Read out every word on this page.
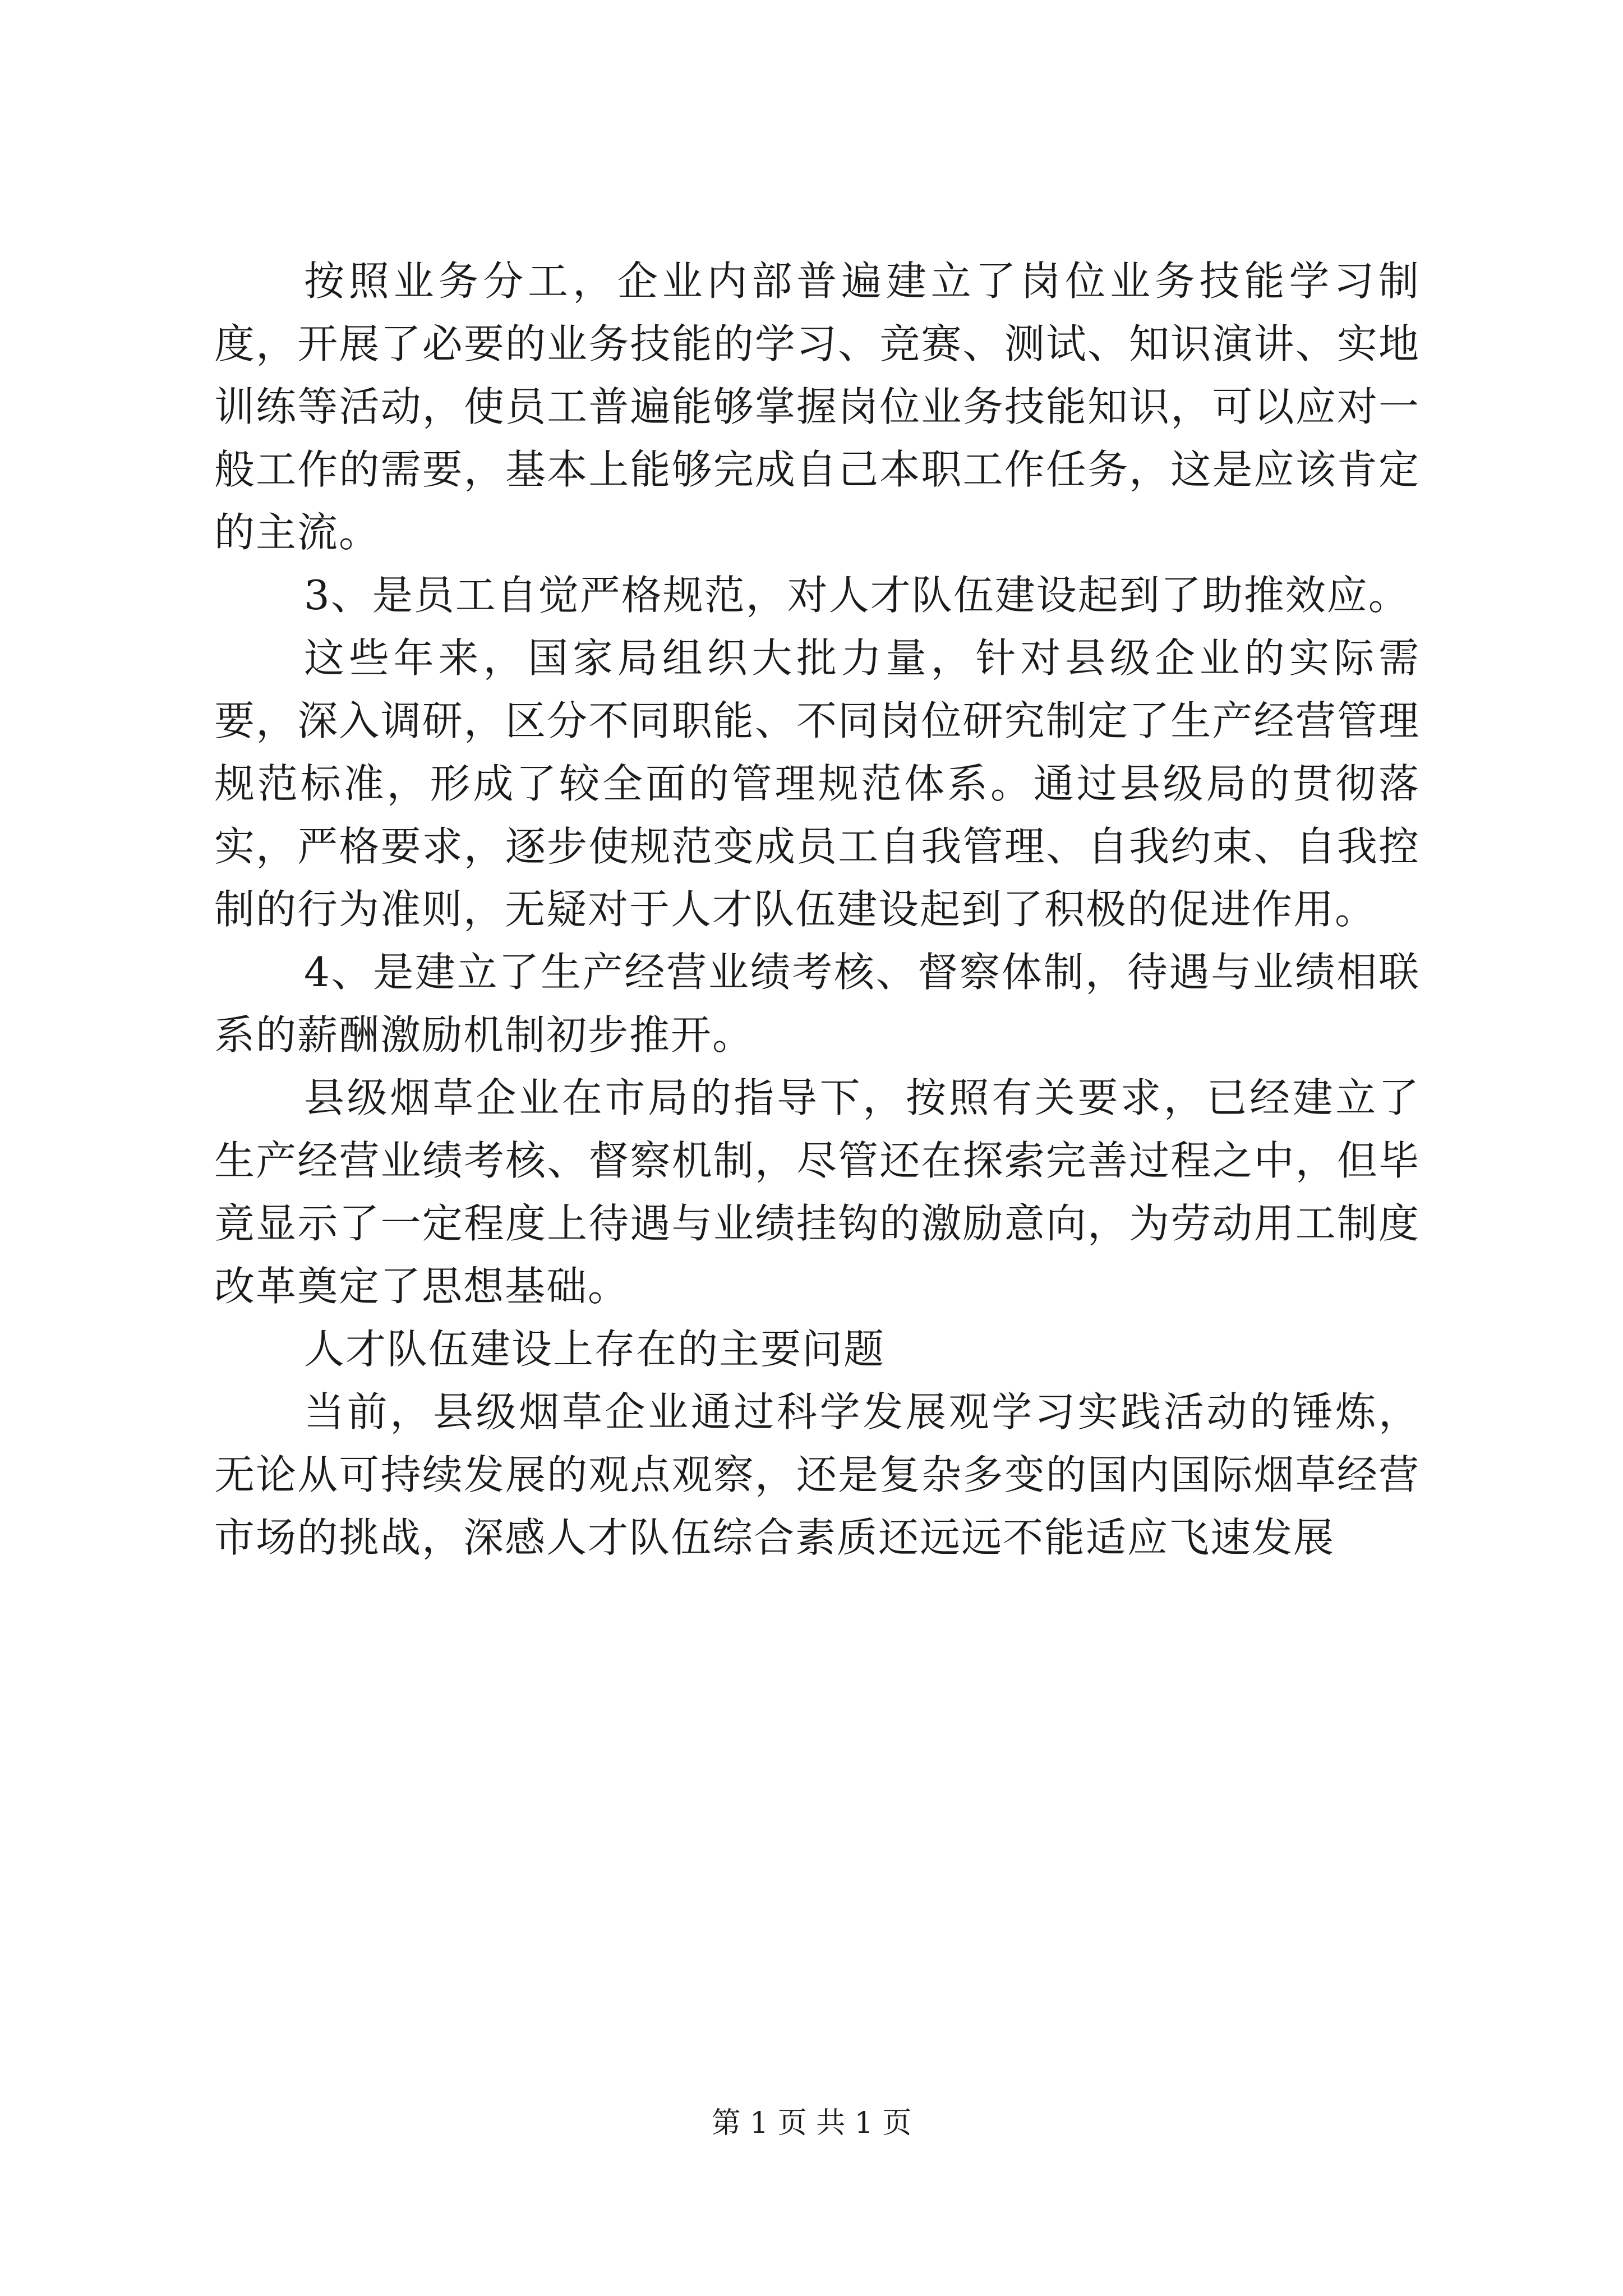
按照业务分工，企业内部普遍建立了岗位业务技能学习制度，开展了必要的业务技能的学习、竞赛、测试、知识演讲、实地训练等活动，使员工普遍能够掌握岗位业务技能知识，可以应对一般工作的需要，基本上能够完成自己本职工作任务，这是应该肯定的主流。

3、是员工自觉严格规范，对人才队伍建设起到了助推效应。

这些年来，国家局组织大批力量，针对县级企业的实际需要，深入调研，区分不同职能、不同岗位研究制定了生产经营管理规范标准，形成了较全面的管理规范体系。通过县级局的贯彻落实，严格要求，逐步使规范变成员工自我管理、自我约束、自我控制的行为准则，无疑对于人才队伍建设起到了积极的促进作用。

4、是建立了生产经营业绩考核、督察体制，待遇与业绩相联系的薪酬激励机制初步推开。

县级烟草企业在市局的指导下，按照有关要求，已经建立了生产经营业绩考核、督察机制，尽管还在探索完善过程之中，但毕竟显示了一定程度上待遇与业绩挂钩的激励意向，为劳动用工制度改革奠定了思想基础。

人才队伍建设上存在的主要问题

当前，县级烟草企业通过科学发展观学习实践活动的锤炼，无论从可持续发展的观点观察，还是复杂多变的国内国际烟草经营市场的挑战，深感人才队伍综合素质还远远不能适应飞速发展

第 1 页 共 1 页
